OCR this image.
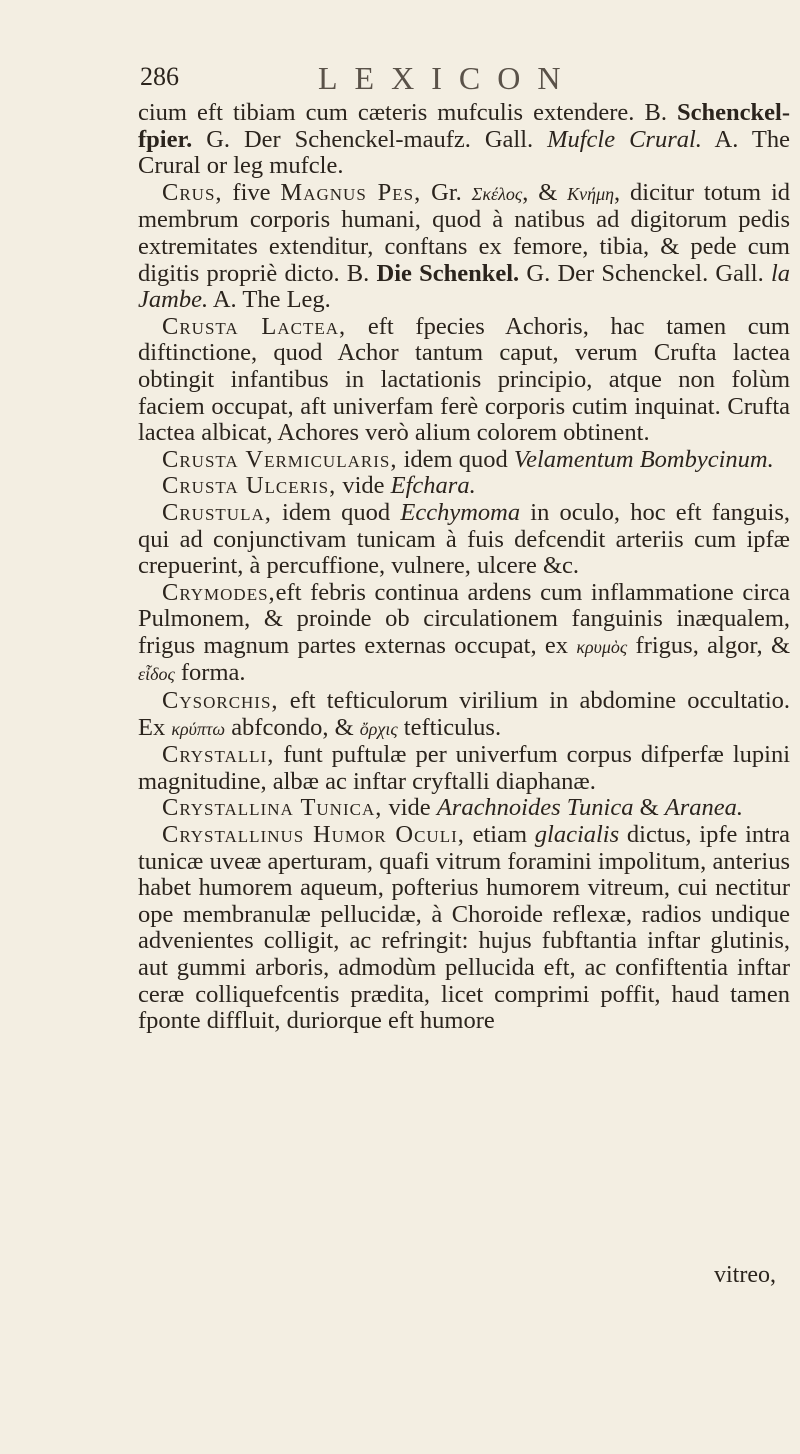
286	LEXICON

cium eft tibiam cum cæteris mufculis extendere. B. Schenckel-fpier. G. Der Schenckel-maufz. Gall. Mufcle Crural. A. The Crural or leg mufcle.

Crus, five Magnus Pes, Gr. Σκέλος, & Κνήμη, dicitur totum id membrum corporis humani, quod à natibus ad digitorum pedis extremitates extenditur, conftans ex femore, tibia, & pede cum digitis propriè dicto. B. Die Schenkel. G. Der Schenckel. Gall. la Jambe. A. The Leg.

Crusta Lactea, eft fpecies Achoris, hac tamen cum diftinctione, quod Achor tantum caput, verum Crufta lactea obtingit infantibus in lactationis principio, atque non folùm faciem occupat, aft univerfam ferè corporis cutim inquinat. Crufta lactea albicat, Achores verò alium colorem obtinent.

Crusta Vermicularis, idem quod Velamentum Bombycinum.

Crusta Ulceris, vide Efchara.

Crustula, idem quod Ecchymoma in oculo, hoc eft fanguis, qui ad conjunctivam tunicam à fuis defcendit arteriis cum ipfæ crepuerint, à percuffione, vulnere, ulcere &c.

Crymodes,eft febris continua ardens cum inflammatione circa Pulmonem, & proinde ob circulationem fanguinis inæqualem, frigus magnum partes externas occupat, ex κρυμὸς frigus, algor, & εἶδος forma.

Cysorchis, eft tefticulorum virilium in abdomine occultatio. Ex κρύπτω abfcondo, & ὄρχις tefticulus.

Crystalli, funt puftulæ per univerfum corpus difperfæ lupini magnitudine, albæ ac inftar cryftalli diaphanæ.

Crystallina Tunica, vide Arachnoides Tunica & Aranea.

Crystallinus Humor Oculi, etiam glacialis dictus, ipfe intra tunicæ uveæ aperturam, quafi vitrum foramini impolitum, anterius habet humorem aqueum, pofterius humorem vitreum, cui nectitur ope membranulæ pellucidæ, à Choroide reflexæ, radios undique advenientes colligit, ac refringit: hujus fubftantia inftar glutinis, aut gummi arboris, admodùm pellucida eft, ac confiftentia inftar ceræ colliquefcentis prædita, licet comprimi poffit, haud tamen fponte diffluit, duriorque eft humore

vitreo,
